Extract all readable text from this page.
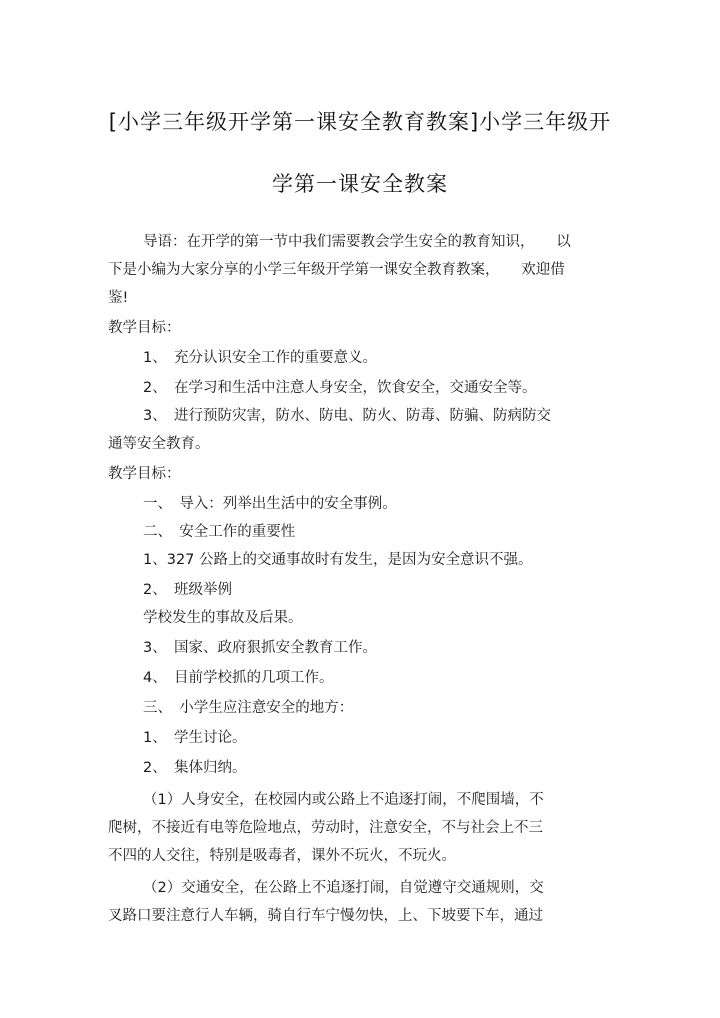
[小学三年级开学第一课安全教育教案]小学三年级开
学第一课安全教案
导语：在开学的第一节中我们需要教会学生安全的教育知识，　　以
下是小编为大家分享的小学三年级开学第一课安全教育教案，　　欢迎借
鉴!
教学目标：
1、　充分认识安全工作的重要意义。
2、　在学习和生活中注意人身安全，饮食安全，交通安全等。
3、　进行预防灾害，防水、防电、防火、防毒、防骗、防病防交
通等安全教育。
教学目标：
一、　导入：列举出生活中的安全事例。
二、　安全工作的重要性
1、327 公路上的交通事故时有发生，是因为安全意识不强。
2、　班级举例
学校发生的事故及后果。
3、　国家、政府狠抓安全教育工作。
4、　目前学校抓的几项工作。
三、　小学生应注意安全的地方：
1、　学生讨论。
2、　集体归纳。
（1）人身安全，在校园内或公路上不追逐打闹，不爬围墙，不
爬树，不接近有电等危险地点，劳动时，注意安全，不与社会上不三
不四的人交往，特别是吸毒者，课外不玩火，不玩火。
（2）交通安全，在公路上不追逐打闹，自觉遵守交通规则，交
叉路口要注意行人车辆，骑自行车宁慢勿快，上、下坡要下车，通过
